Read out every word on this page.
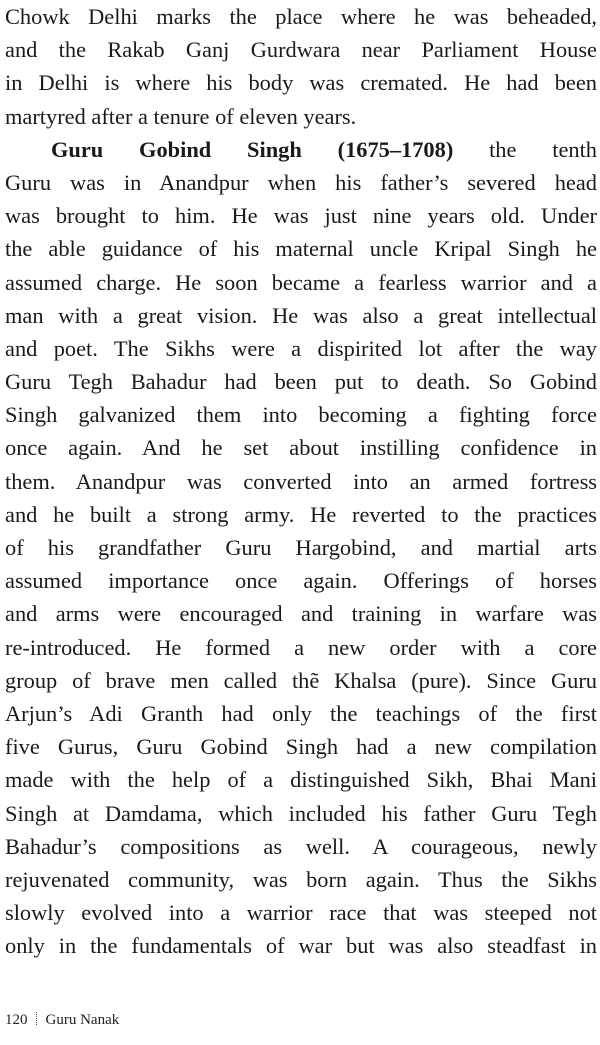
Chowk Delhi marks the place where he was beheaded,
and the Rakab Ganj Gurdwara near Parliament House
in Delhi is where his body was cremated. He had been
martyred after a tenure of eleven years.
Guru Gobind Singh (1675–1708) the tenth
Guru was in Anandpur when his father’s severed head
was brought to him. He was just nine years old. Under
the able guidance of his maternal uncle Kripal Singh he
assumed charge. He soon became a fearless warrior and a
man with a great vision. He was also a great intellectual
and poet. The Sikhs were a dispirited lot after the way
Guru Tegh Bahadur had been put to death. So Gobind
Singh galvanized them into becoming a fighting force
once again. And he set about instilling confidence in
them. Anandpur was converted into an armed fortress
and he built a strong army. He reverted to the practices
of his grandfather Guru Hargobind, and martial arts
assumed importance once again. Offerings of horses
and arms were encouraged and training in warfare was
re-introduced. He formed a new order with a core
group of brave men called thẽ Khalsa (pure). Since Guru
Arjun’s Adi Granth had only the teachings of the first
five Gurus, Guru Gobind Singh had a new compilation
made with the help of a distinguished Sikh, Bhai Mani
Singh at Damdama, which included his father Guru Tegh
Bahadur’s compositions as well. A courageous, newly
rejuvenated community, was born again. Thus the Sikhs
slowly evolved into a warrior race that was steeped not
only in the fundamentals of war but was also steadfast in
120 Guru Nanak
